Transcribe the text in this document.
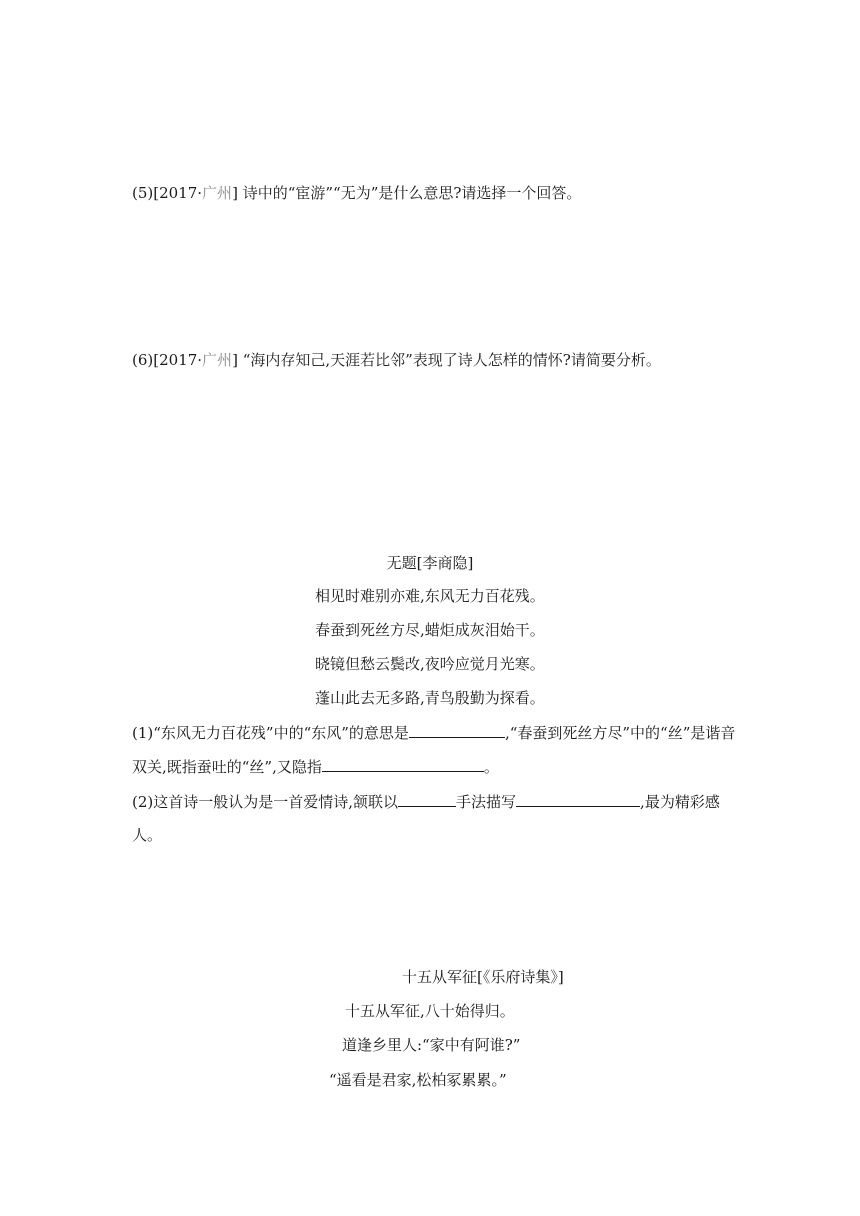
(5)[2017·广州] 诗中的“宦游”“无为”是什么意思?请选择一个回答。
(6)[2017·广州] “海内存知己,天涯若比邻”表现了诗人怎样的情怀?请简要分析。
无题[李商隐]
相见时难别亦难,东风无力百花残。
春蚕到死丝方尽,蜡炬成灰泪始干。
晓镜但愁云鬓改,夜吟应觉月光寒。
蓬山此去无多路,青鸟殷勤为探看。
(1)“东风无力百花残”中的“东风”的意思是	,“春蚕到死丝方尽”中的“丝”是谐音
双关,既指蚕吐的“丝”,又隐指	。
(2)这首诗一般认为是一首爱情诗,颔联以	手法描写	,最为精彩感
人。
十五从军征[《乐府诗集》]
十五从军征,八十始得归。
道逢乡里人:“家中有阿谁?”
“遥看是君家,松柏冢累累。”
